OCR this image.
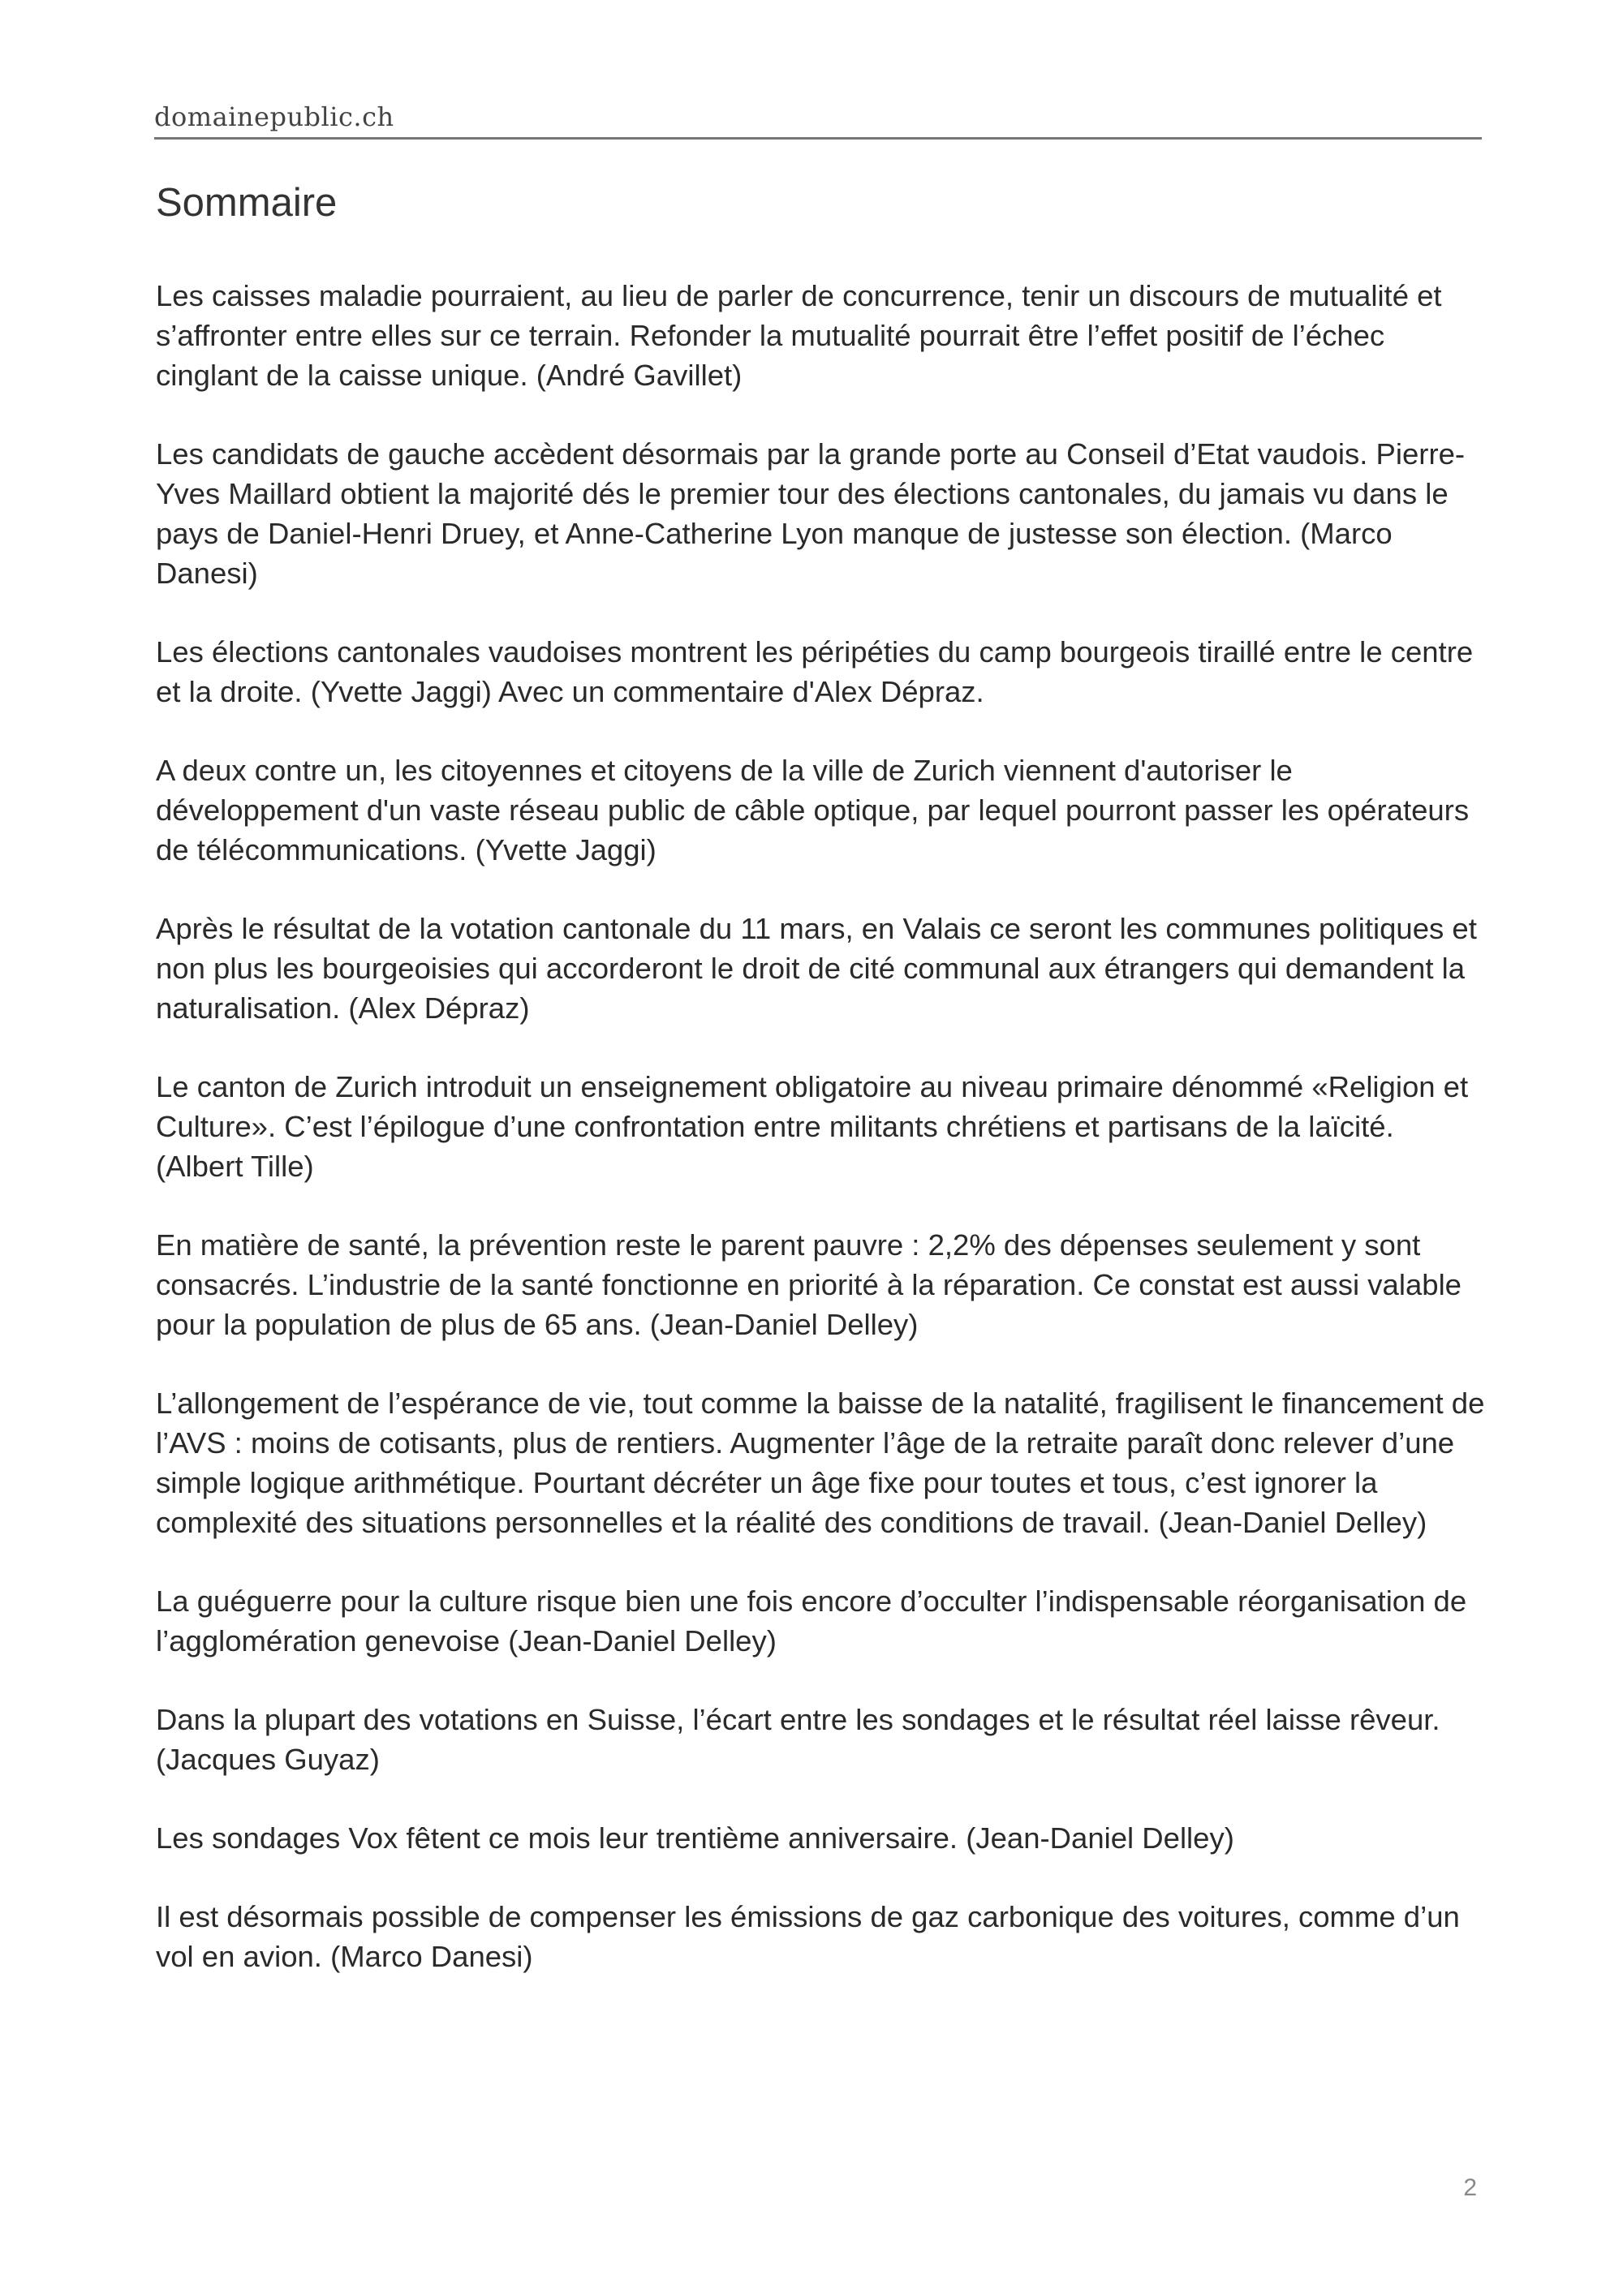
domainepublic.ch
Sommaire
Les caisses maladie pourraient, au lieu de parler de concurrence, tenir un discours de mutualité et s’affronter entre elles sur ce terrain. Refonder la mutualité pourrait être l’effet positif de l’échec cinglant de la caisse unique. (André Gavillet)
Les candidats de gauche accèdent désormais par la grande porte au Conseil d’Etat vaudois. Pierre-Yves Maillard obtient la majorité dés le premier tour des élections cantonales, du jamais vu dans le pays de Daniel-Henri Druey, et Anne-Catherine Lyon manque de justesse son élection. (Marco Danesi)
Les élections cantonales vaudoises montrent les péripéties du camp bourgeois tiraillé entre le centre et la droite. (Yvette Jaggi) Avec un commentaire d'Alex Dépraz.
A deux contre un, les citoyennes et citoyens de la ville de Zurich viennent d'autoriser le développement d'un vaste réseau public de câble optique, par lequel pourront passer les opérateurs de télécommunications. (Yvette Jaggi)
Après le résultat de la votation cantonale du 11 mars, en Valais ce seront les communes politiques et non plus les bourgeoisies qui accorderont le droit de cité communal aux étrangers qui demandent la naturalisation. (Alex Dépraz)
Le canton de Zurich introduit un enseignement obligatoire au niveau primaire dénommé «Religion et Culture». C’est l’épilogue d’une confrontation entre militants chrétiens et partisans de la laïcité. (Albert Tille)
En matière de santé, la prévention reste le parent pauvre : 2,2% des dépenses seulement y sont consacrés. L’industrie de la santé fonctionne en priorité à la réparation. Ce constat est aussi valable pour la population de plus de 65 ans. (Jean-Daniel Delley)
L’allongement de l’espérance de vie, tout comme la baisse de la natalité, fragilisent le financement de l’AVS : moins de cotisants, plus de rentiers. Augmenter l’âge de la retraite paraît donc relever d’une simple logique arithmétique. Pourtant décréter un âge fixe pour toutes et tous, c’est ignorer la complexité des situations personnelles et la réalité des conditions de travail. (Jean-Daniel Delley)
La guéguerre pour la culture risque bien une fois encore d’occulter l’indispensable réorganisation de l’agglomération genevoise (Jean-Daniel Delley)
Dans la plupart des votations en Suisse, l’écart entre les sondages et le résultat réel laisse rêveur. (Jacques Guyaz)
Les sondages Vox fêtent ce mois leur trentième anniversaire. (Jean-Daniel Delley)
Il est désormais possible de compenser les émissions de gaz carbonique des voitures, comme d’un vol en avion. (Marco Danesi)
2
